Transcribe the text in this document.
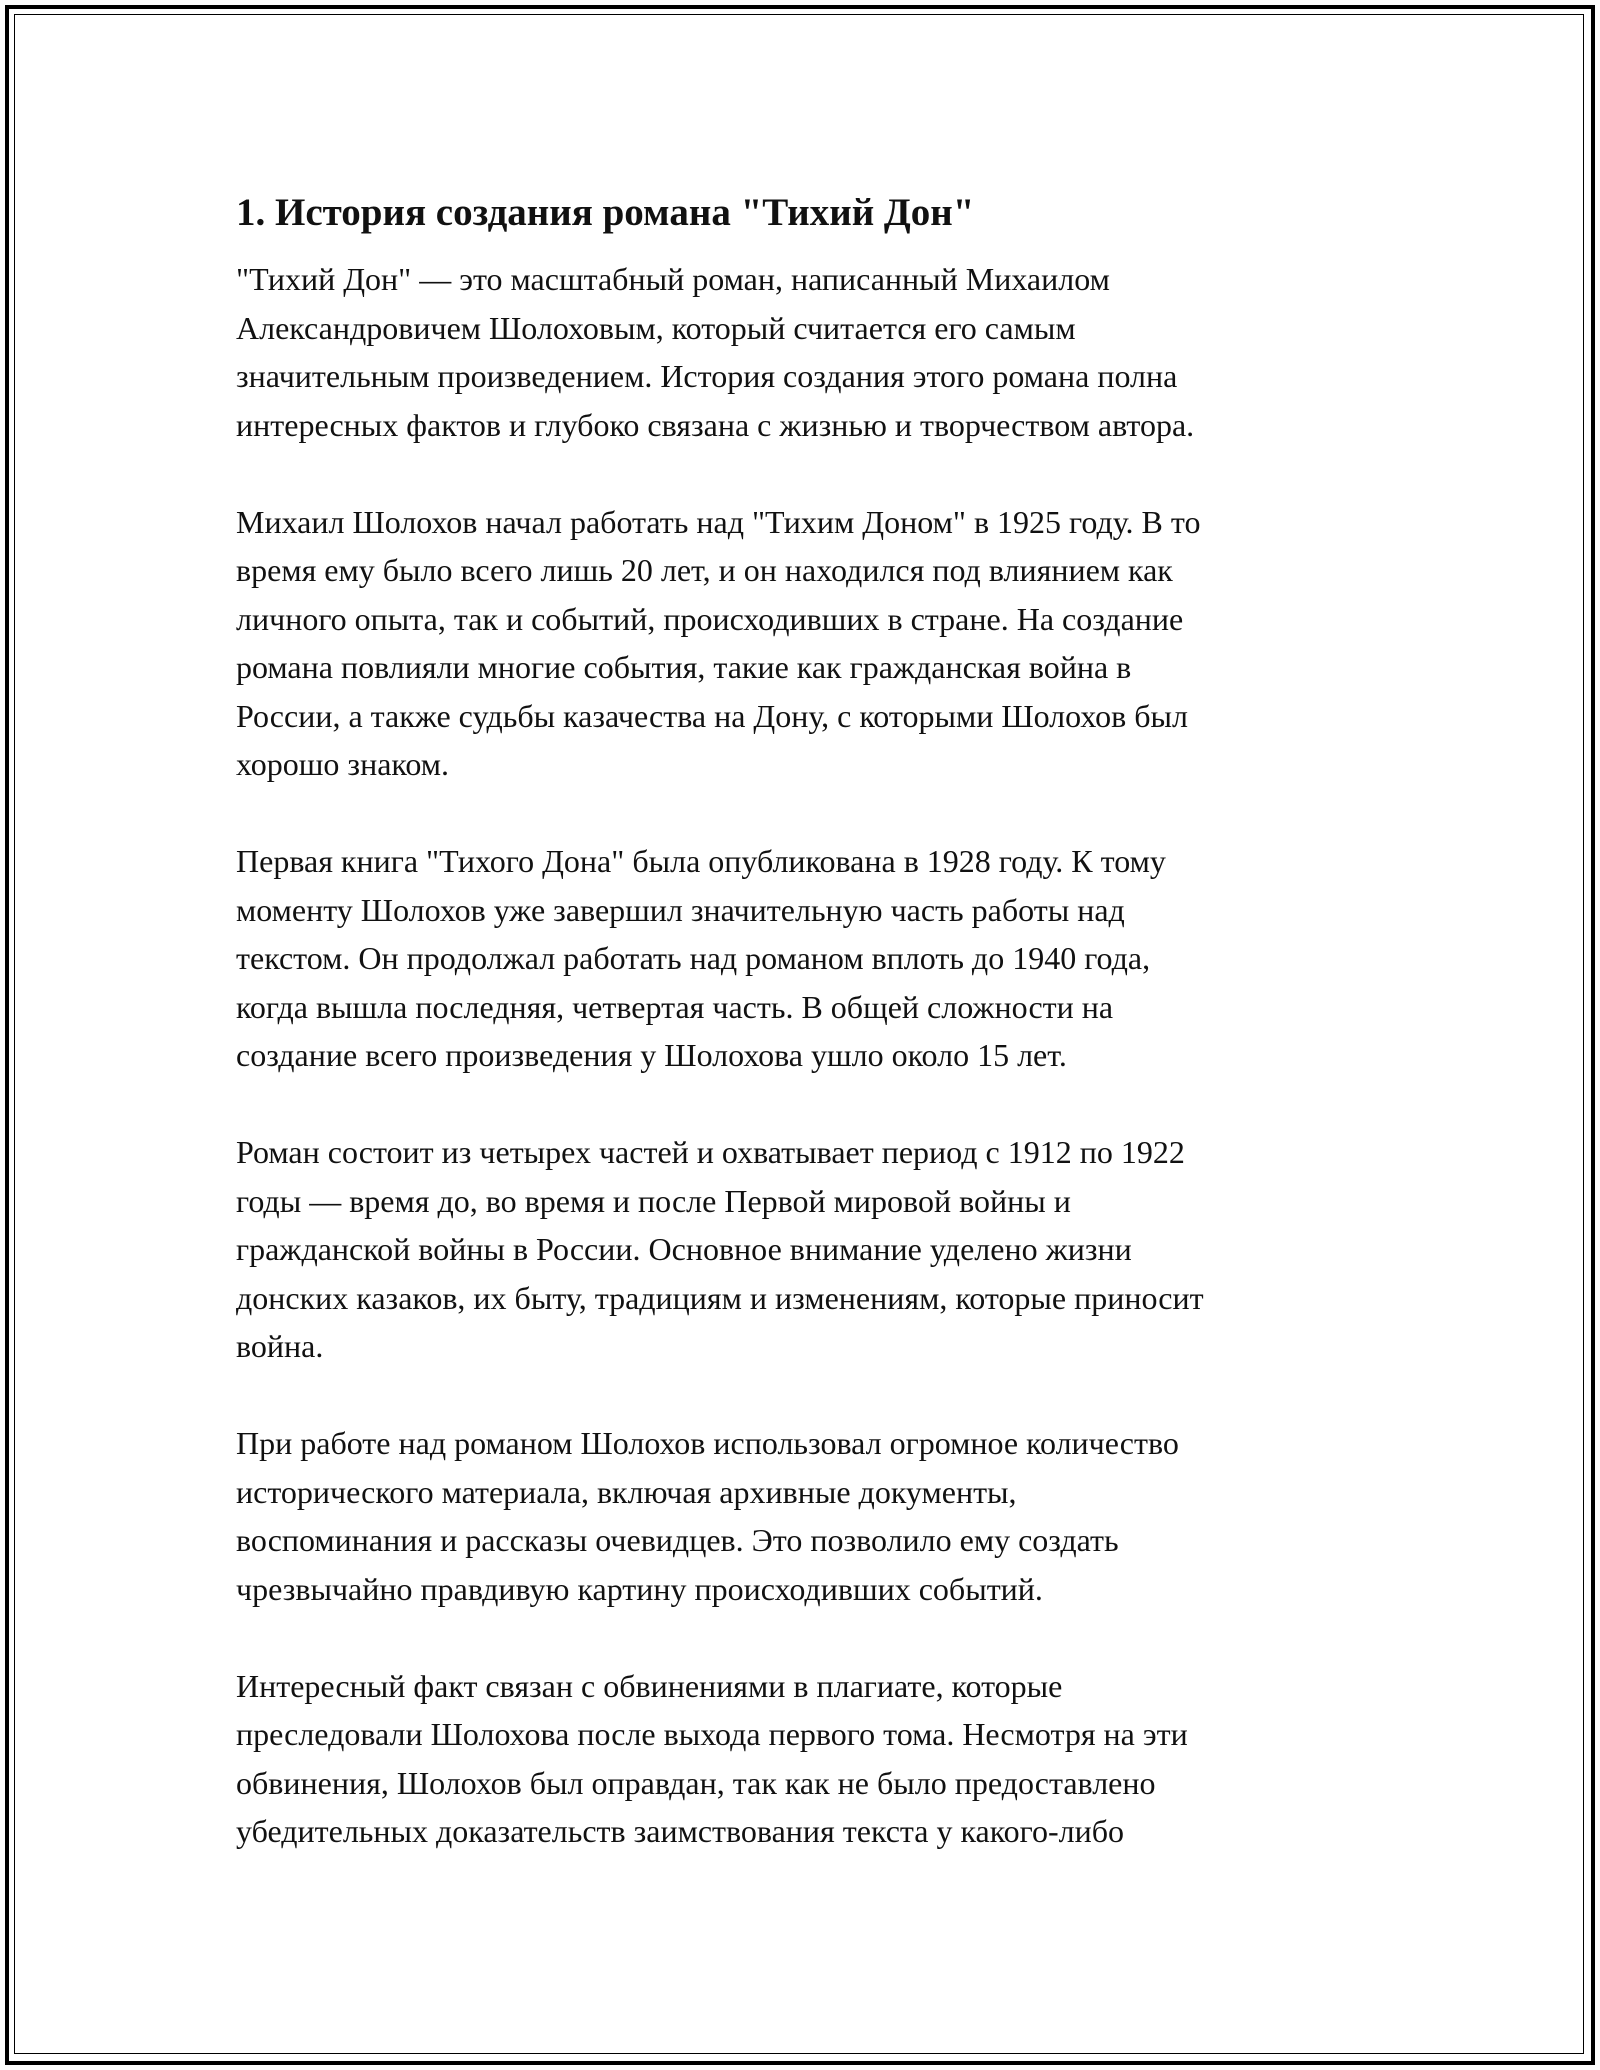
1. История создания романа "Тихий Дон"

"Тихий Дон" — это масштабный роман, написанный Михаилом
Александровичем Шолоховым, который считается его самым
значительным произведением. История создания этого романа полна
интересных фактов и глубоко связана с жизнью и творчеством автора.

Михаил Шолохов начал работать над "Тихим Доном" в 1925 году. В то
время ему было всего лишь 20 лет, и он находился под влиянием как
личного опыта, так и событий, происходивших в стране. На создание
романа повлияли многие события, такие как гражданская война в
России, а также судьбы казачества на Дону, с которыми Шолохов был
хорошо знаком.

Первая книга "Тихого Дона" была опубликована в 1928 году. К тому
моменту Шолохов уже завершил значительную часть работы над
текстом. Он продолжал работать над романом вплоть до 1940 года,
когда вышла последняя, четвертая часть. В общей сложности на
создание всего произведения у Шолохова ушло около 15 лет.

Роман состоит из четырех частей и охватывает период с 1912 по 1922
годы — время до, во время и после Первой мировой войны и
гражданской войны в России. Основное внимание уделено жизни
донских казаков, их быту, традициям и изменениям, которые приносит
война.

При работе над романом Шолохов использовал огромное количество
исторического материала, включая архивные документы,
воспоминания и рассказы очевидцев. Это позволило ему создать
чрезвычайно правдивую картину происходивших событий.

Интересный факт связан с обвинениями в плагиате, которые
преследовали Шолохова после выхода первого тома. Несмотря на эти
обвинения, Шолохов был оправдан, так как не было предоставлено
убедительных доказательств заимствования текста у какого-либо
